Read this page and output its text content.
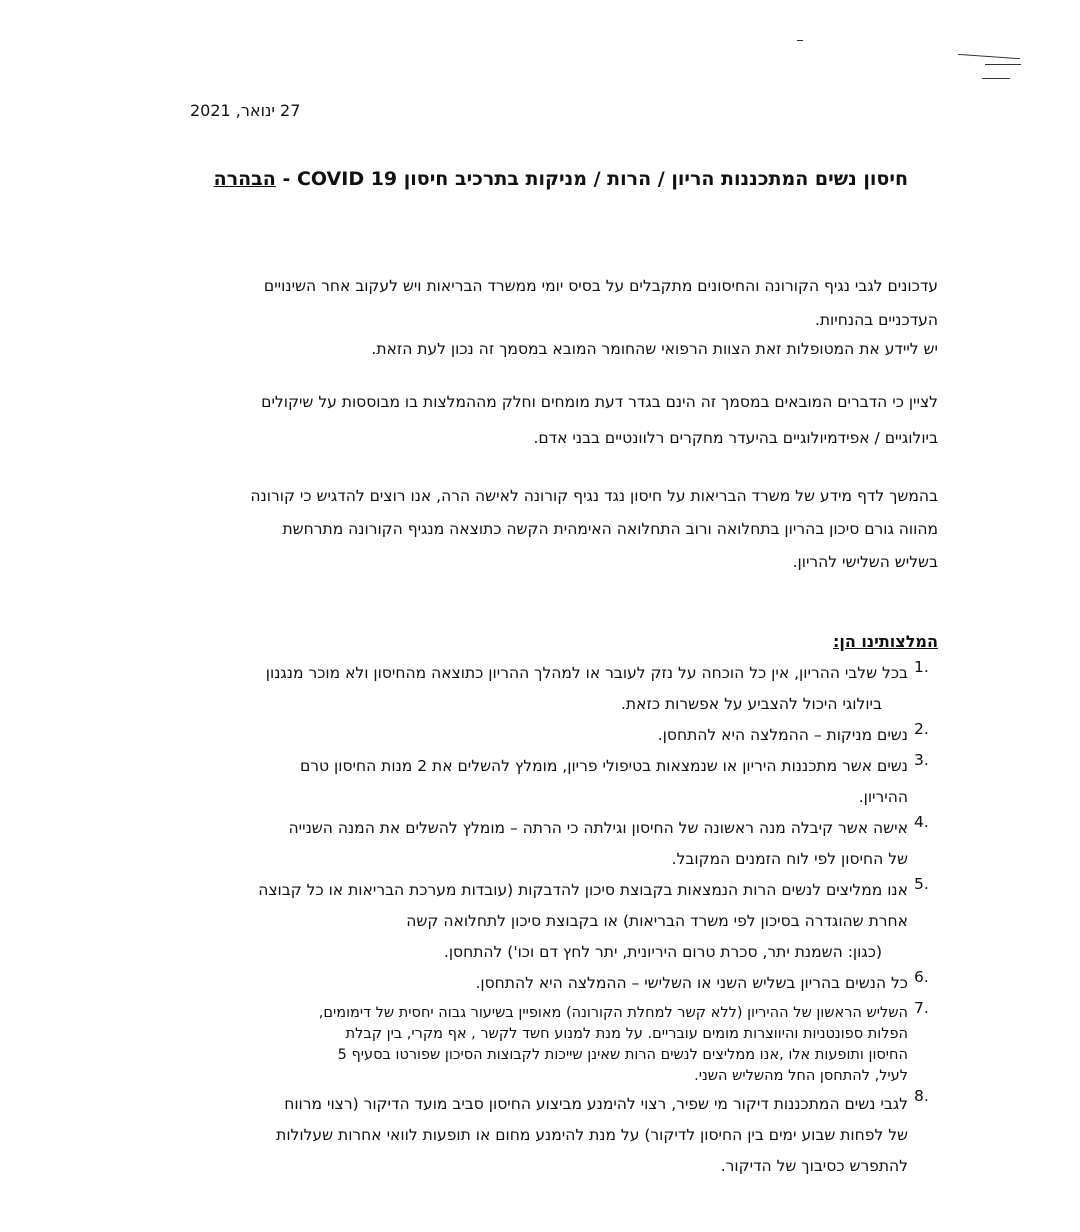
27 ינואר, 2021
חיסון נשים המתכננות הריון / הרות / מניקות בתרכיב חיסון COVID 19 - הבהרה

עדכונים לגבי נגיף הקורונה והחיסונים מתקבלים על בסיס יומי ממשרד הבריאות ויש לעקוב אחר השינויים
העדכניים בהנחיות.
יש ליידע את המטופלות זאת הצוות הרפואי שהחומר המובא במסמך זה נכון לעת הזאת.

לציין כי הדברים המובאים במסמך זה הינם בגדר דעת מומחים וחלק מההמלצות בו מבוססות על שיקולים
ביולוגיים / אפידמיולוגיים בהיעדר מחקרים רלוונטיים בבני אדם.

בהמשך לדף מידע של משרד הבריאות על חיסון נגד נגיף קורונה לאישה הרה, אנו רוצים להדגיש כי קורונה
מהווה גורם סיכון בהריון בתחלואה ורוב התחלואה האימהית הקשה כתוצאה מנגיף הקורונה מתרחשת
בשליש השלישי להריון.

המלצותינו הן:
1.
בכל שלבי ההריון, אין כל הוכחה על נזק לעובר או למהלך ההריון כתוצאה מהחיסון ולא מוכר מנגנון
ביולוגי היכול להצביע על אפשרות כזאת.
2.
נשים מניקות – ההמלצה היא להתחסן.
3.
נשים אשר מתכננות היריון או שנמצאות בטיפולי פריון, מומלץ להשלים את 2 מנות החיסון טרם
ההיריון.
4.
אישה אשר קיבלה מנה ראשונה של החיסון וגילתה כי הרתה – מומלץ להשלים את המנה השנייה
של החיסון לפי לוח הזמנים המקובל.
5.
אנו ממליצים לנשים הרות הנמצאות בקבוצת סיכון להדבקות (עובדות מערכת הבריאות או כל קבוצה
אחרת שהוגדרה בסיכון לפי משרד הבריאות) או בקבוצת סיכון לתחלואה קשה
(כגון: השמנת יתר, סכרת טרום היריונית, יתר לחץ דם וכו') להתחסן.
6.
כל הנשים בהריון בשליש השני או השלישי – ההמלצה היא להתחסן.
7.
השליש הראשון של ההיריון (ללא קשר למחלת הקורונה) מאופיין בשיעור גבוה יחסית של דימומים,
הפלות ספונטניות והיווצרות מומים עובריים. על מנת למנוע חשד לקשר , אף מקרי, בין קבלת
החיסון ותופעות אלו ,אנו ממליצים לנשים הרות שאינן שייכות לקבוצות הסיכון שפורטו בסעיף 5
לעיל, להתחסן החל מהשליש השני.
8.
לגבי נשים המתכננות דיקור מי שפיר, רצוי להימנע מביצוע החיסון סביב מועד הדיקור (רצוי מרווח
של לפחות שבוע ימים בין החיסון לדיקור) על מנת להימנע מחום או תופעות לוואי אחרות שעלולות
להתפרש כסיבוך של הדיקור.
